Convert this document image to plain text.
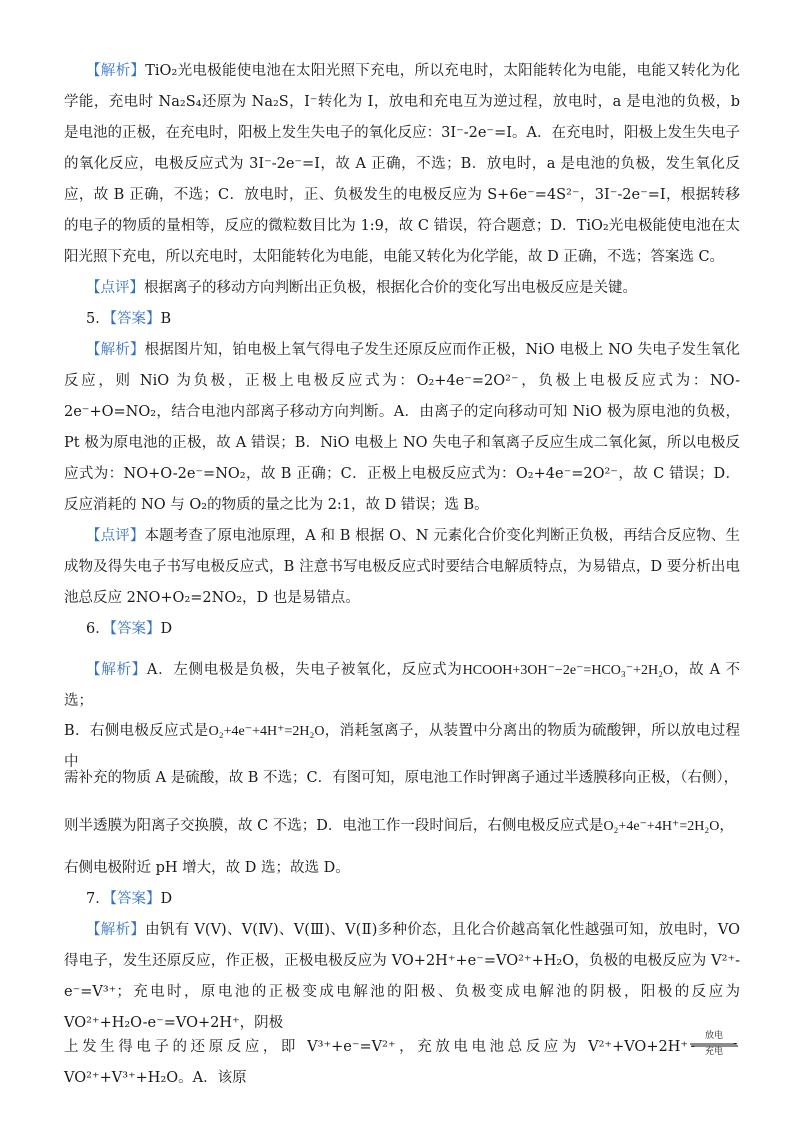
【解析】TiO₂光电极能使电池在太阳光照下充电，所以充电时，太阳能转化为电能，电能又转化为化学能，充电时 Na₂S₄还原为 Na₂S，I⁻转化为 I，放电和充电互为逆过程，放电时，a 是电池的负极，b 是电池的正极，在充电时，阳极上发生失电子的氧化反应：3I⁻-2e⁻=I。A．在充电时，阳极上发生失电子的氧化反应，电极反应式为 3I⁻-2e⁻=I，故 A 正确，不选；B．放电时，a 是电池的负极，发生氧化反应，故 B 正确，不选；C．放电时，正、负极发生的电极反应为 S+6e⁻=4S²⁻，3I⁻-2e⁻=I，根据转移的电子的物质的量相等，反应的微粒数目比为 1:9，故 C 错误，符合题意；D．TiO₂光电极能使电池在太阳光照下充电，所以充电时，太阳能转化为电能，电能又转化为化学能，故 D 正确，不选；答案选 C。
【点评】根据离子的移动方向判断出正负极，根据化合价的变化写出电极反应是关键。
5．【答案】B
【解析】根据图片知，铂电极上氧气得电子发生还原反应而作正极，NiO 电极上 NO 失电子发生氧化反应，则 NiO 为负极，正极上电极反应式为：O₂+4e⁻=2O²⁻，负极上电极反应式为：NO-2e⁻+O=NO₂，结合电池内部离子移动方向判断。A．由离子的定向移动可知 NiO 极为原电池的负极，Pt 极为原电池的正极，故 A 错误；B．NiO 电极上 NO 失电子和氧离子反应生成二氧化氮，所以电极反应式为：NO+O-2e⁻=NO₂，故 B 正确；C．正极上电极反应式为：O₂+4e⁻=2O²⁻，故 C 错误；D．反应消耗的 NO 与 O₂的物质的量之比为 2:1，故 D 错误；选 B。
【点评】本题考查了原电池原理，A 和 B 根据 O、N 元素化合价变化判断正负极，再结合反应物、生成物及得失电子书写电极反应式，B 注意书写电极反应式时要结合电解质特点，为易错点，D 要分析出电池总反应 2NO+O₂=2NO₂，D 也是易错点。
6．【答案】D
【解析】A．左侧电极是负极，失电子被氧化，反应式为HCOOH+3OH⁻−2e⁻=HCO₃⁻+2H₂O，故 A 不选；
B．右侧电极反应式是O₂+4e⁻+4H⁺=2H₂O，消耗氢离子，从装置中分离出的物质为硫酸钾，所以放电过程中
需补充的物质 A 是硫酸，故 B 不选；C．有图可知，原电池工作时钾离子通过半透膜移向正极，（右侧），
则半透膜为阳离子交换膜，故 C 不选；D．电池工作一段时间后，右侧电极反应式是O₂+4e⁻+4H⁺=2H₂O，
右侧电极附近 pH 增大，故 D 选；故选 D。
7．【答案】D
【解析】由钒有 V(V)、V(Ⅳ)、V(Ⅲ)、V(Ⅱ)多种价态，且化合价越高氧化性越强可知，放电时，VO 得电子，发生还原反应，作正极，正极电极反应为 VO+2H⁺+e⁻=VO²⁺+H₂O，负极的电极反应为 V²⁺-e⁻=V³⁺；充电时，原电池的正极变成电解池的阳极、负极变成电解池的阴极，阳极的反应为 VO²⁺+H₂O-e⁻=VO+2H⁺，阴极
上发生得电子的还原反应，即 V³⁺+e⁻=V²⁺，充放电电池总反应为 V²⁺+VO+2H⁺
放电
充电
VO²⁺+V³⁺+H₂O。A．该原
